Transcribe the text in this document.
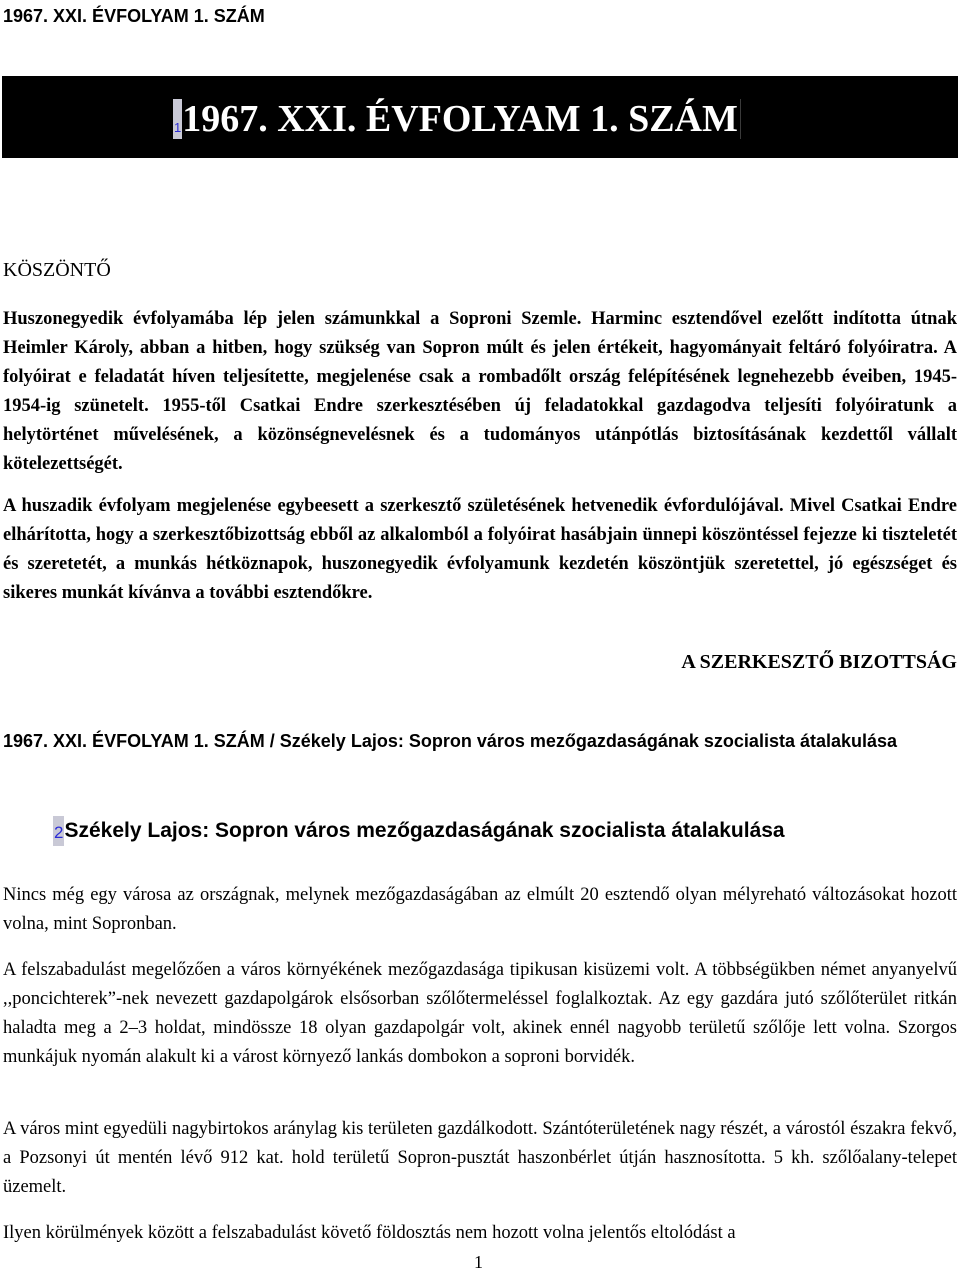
1967. XXI. ÉVFOLYAM 1. SZÁM
1 1967. XXI. ÉVFOLYAM 1. SZÁM
KÖSZÖNTŐ

Huszonegyedik évfolyamába lép jelen számunkkal a Soproni Szemle. Harminc esztendővel ezelőtt indította útnak Heimler Károly, abban a hitben, hogy szükség van Sopron múlt és jelen értékeit, hagyományait feltáró folyóiratra. A folyóirat e feladatát híven teljesítette, megjelenése csak a rombadőlt ország felépítésének legnehezebb éveiben, 1945-1954-ig szünetelt. 1955-től Csatkai Endre szerkesztésében új feladatokkal gazdagodva teljesíti folyóiratunk a helytörténet művelésének, a közönségnevelésnek és a tudományos utánpótlás biztosításának kezdettől vállalt kötelezettségét.

A huszadik évfolyam megjelenése egybeesett a szerkesztő születésének hetvenedik évfordulójával. Mivel Csatkai Endre elhárította, hogy a szerkesztőbizottság ebből az alkalomból a folyóirat hasábjain ünnepi köszöntéssel fejezze ki tiszteletét és szeretetét, a munkás hétköznapok, huszonegyedik évfolyamunk kezdetén köszöntjük szeretettel, jó egészséget és sikeres munkát kívánva a további esztendőkre.

A SZERKESZTŐ BIZOTTSÁG
1967. XXI. ÉVFOLYAM 1. SZÁM / Székely Lajos: Sopron város mezőgazdaságának szocialista átalakulása
2 Székely Lajos: Sopron város mezőgazdaságának szocialista átalakulása

Nincs még egy városa az országnak, melynek mezőgazdaságában az elmúlt 20 esztendő olyan mélyreható változásokat hozott volna, mint Sopronban.

A felszabadulást megelőzően a város környékének mezőgazdasága tipikusan kisüzemi volt. A többségükben német anyanyelvű ,,poncichterek”-nek nevezett gazdapolgárok elsősorban szőlőtermeléssel foglalkoztak. Az egy gazdára jutó szőlőterület ritkán haladta meg a 2–3 holdat, mindössze 18 olyan gazdapolgár volt, akinek ennél nagyobb területű szőlője lett volna. Szorgos munkájuk nyomán alakult ki a várost környező lankás dombokon a soproni borvidék.

A város mint egyedüli nagybirtokos aránylag kis területen gazdálkodott. Szántóterületének nagy részét, a várostól északra fekvő, a Pozsonyi út mentén lévő 912 kat. hold területű Sopron-pusztát haszonbérlet útján hasznosította. 5 kh. szőlőalany-telepet üzemelt.

Ilyen körülmények között a felszabadulást követő földosztás nem hozott volna jelentős eltolódást a

1
